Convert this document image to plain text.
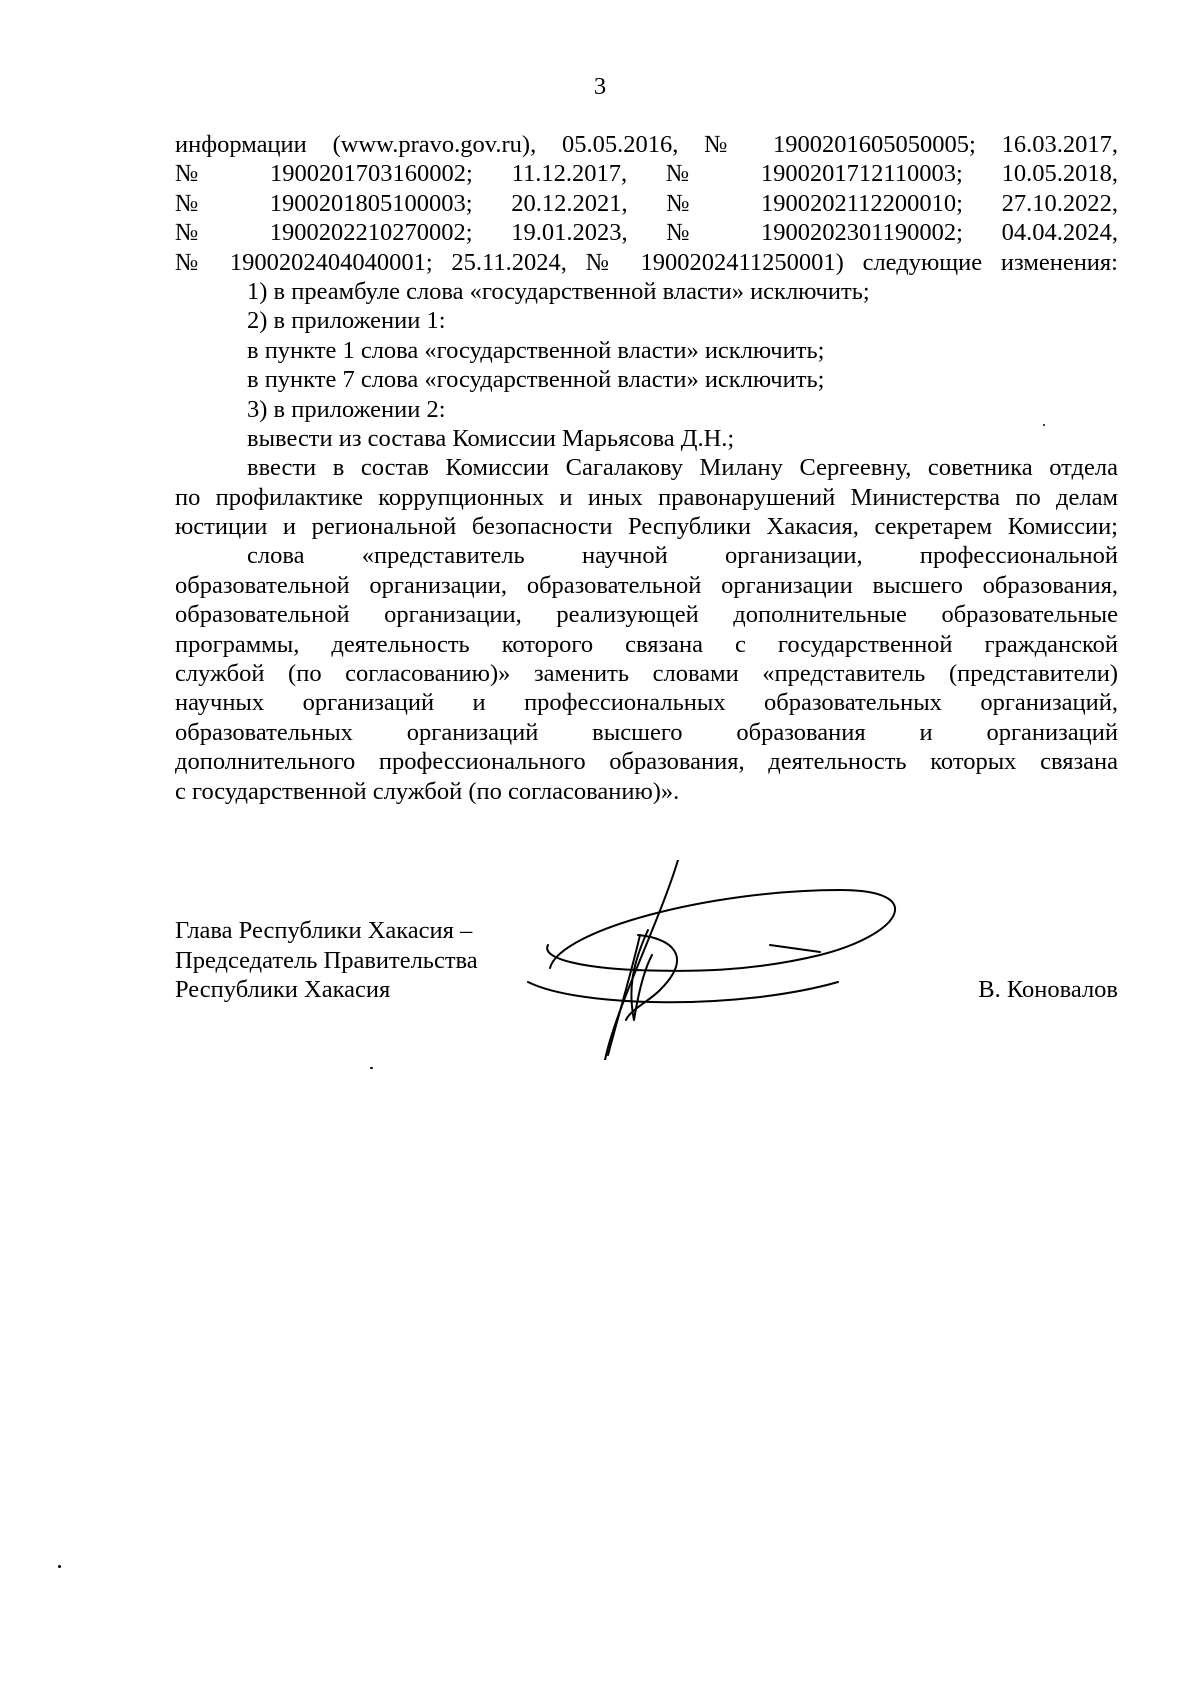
3
информации (www.pravo.gov.ru), 05.05.2016, № 1900201605050005; 16.03.2017,
№ 1900201703160002; 11.12.2017, № 1900201712110003; 10.05.2018,
№ 1900201805100003; 20.12.2021, № 1900202112200010; 27.10.2022,
№ 1900202210270002; 19.01.2023, № 1900202301190002; 04.04.2024,
№ 1900202404040001; 25.11.2024, № 1900202411250001) следующие изменения:
1) в преамбуле слова «государственной власти» исключить;
2) в приложении 1:
в пункте 1 слова «государственной власти» исключить;
в пункте 7 слова «государственной власти» исключить;
3) в приложении 2:
вывести из состава Комиссии Марьясова Д.Н.;
ввести в состав Комиссии Сагалакову Милану Сергеевну, советника отдела
по профилактике коррупционных и иных правонарушений Министерства по делам
юстиции и региональной безопасности Республики Хакасия, секретарем Комиссии;
слова «представитель научной организации, профессиональной
образовательной организации, образовательной организации высшего образования,
образовательной организации, реализующей дополнительные образовательные
программы, деятельность которого связана с государственной гражданской
службой (по согласованию)» заменить словами «представитель (представители)
научных организаций и профессиональных образовательных организаций,
образовательных организаций высшего образования и организаций
дополнительного профессионального образования, деятельность которых связана
с государственной службой (по согласованию)».
Глава Республики Хакасия –
Председатель Правительства
Республики Хакасия	В. Коновалов
